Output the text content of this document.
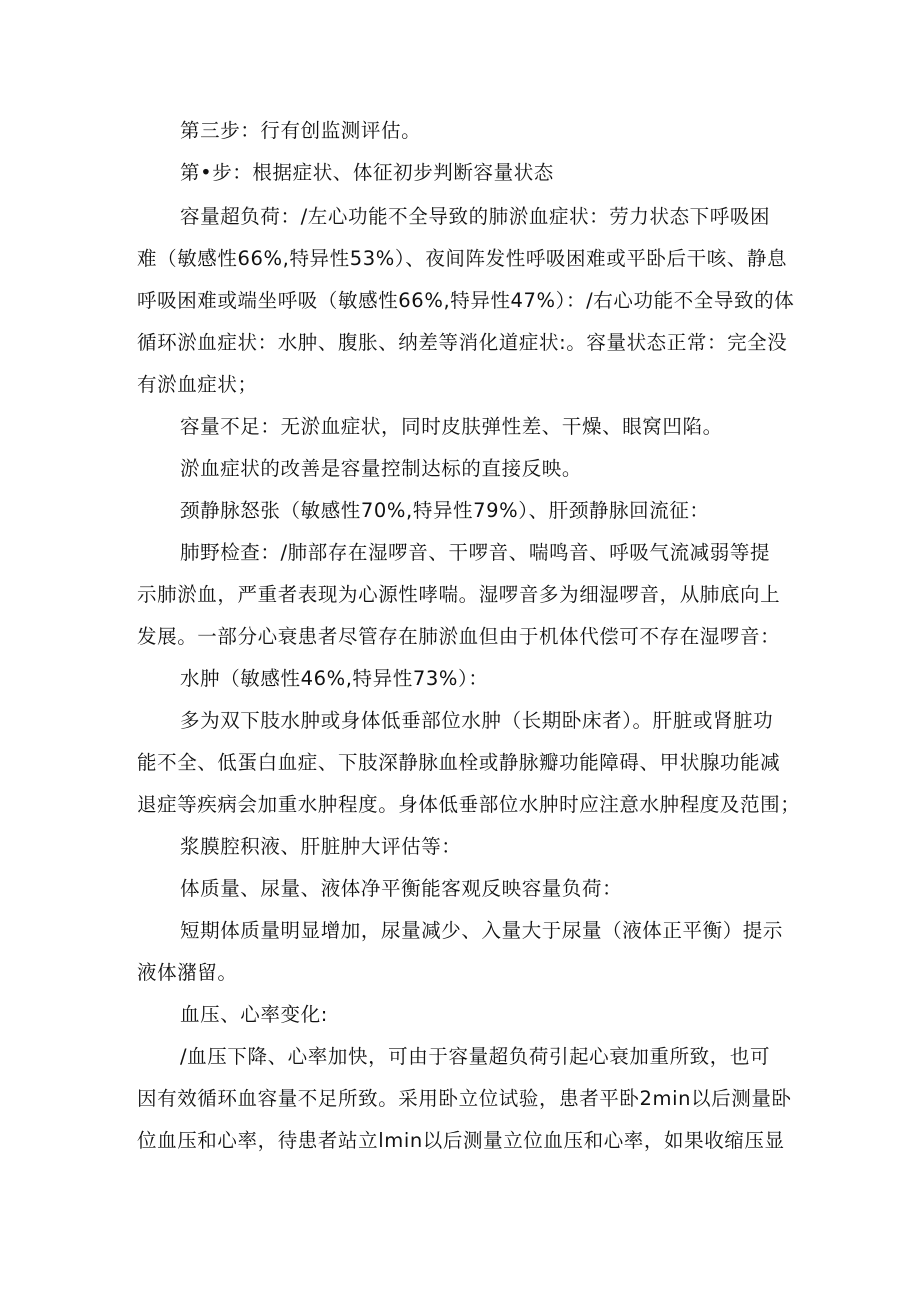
第三步：行有创监测评估。
第•步：根据症状、体征初步判断容量状态
容量超负荷：/左心功能不全导致的肺淤血症状：劳力状态下呼吸困
难（敏感性66%,特异性53%）、夜间阵发性呼吸困难或平卧后干咳、静息
呼吸困难或端坐呼吸（敏感性66%,特异性47%）：/右心功能不全导致的体
循环淤血症状：水肿、腹胀、纳差等消化道症状:。容量状态正常：完全没
有淤血症状；
容量不足：无淤血症状，同时皮肤弹性差、干燥、眼窝凹陷。
淤血症状的改善是容量控制达标的直接反映。
颈静脉怒张（敏感性70%,特异性79%）、肝颈静脉回流征：
肺野检查：/肺部存在湿啰音、干啰音、喘鸣音、呼吸气流减弱等提
示肺淤血，严重者表现为心源性哮喘。湿啰音多为细湿啰音，从肺底向上
发展。一部分心衰患者尽管存在肺淤血但由于机体代偿可不存在湿啰音：
水肿（敏感性46%,特异性73%）：
多为双下肢水肿或身体低垂部位水肿（长期卧床者）。肝脏或肾脏功
能不全、低蛋白血症、下肢深静脉血栓或静脉瓣功能障碍、甲状腺功能减
退症等疾病会加重水肿程度。身体低垂部位水肿时应注意水肿程度及范围；
浆膜腔积液、肝脏肿大评估等：
体质量、尿量、液体净平衡能客观反映容量负荷：
短期体质量明显增加，尿量减少、入量大于尿量（液体正平衡）提示
液体潴留。
血压、心率变化:
/血压下降、心率加快，可由于容量超负荷引起心衰加重所致，也可
因有效循环血容量不足所致。采用卧立位试验，患者平卧2min以后测量卧
位血压和心率，待患者站立lmin以后测量立位血压和心率，如果收缩压显
